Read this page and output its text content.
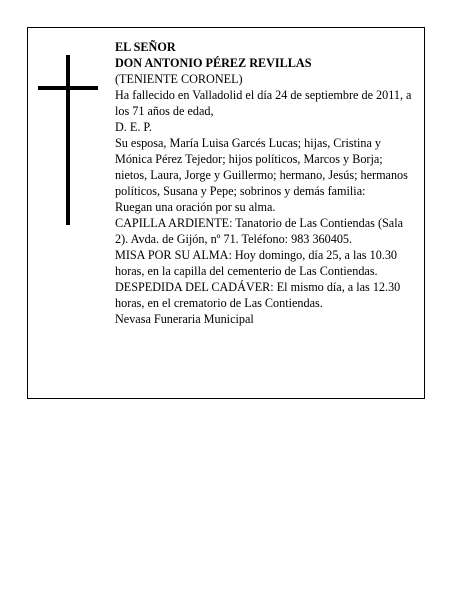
EL SEÑOR

DON ANTONIO PÉREZ REVILLAS

(TENIENTE CORONEL)

Ha fallecido en Valladolid el día 24 de septiembre de 2011, a los 71 años de edad,

D. E. P.

Su esposa, María Luisa Garcés Lucas; hijas, Cristina y Mónica Pérez Tejedor; hijos políticos, Marcos y Borja; nietos, Laura, Jorge y Guillermo; hermano, Jesús; hermanos políticos, Susana y Pepe; sobrinos y demás familia:

Ruegan una oración por su alma.

CAPILLA ARDIENTE: Tanatorio de Las Contiendas (Sala 2). Avda. de Gijón, nº 71. Teléfono: 983 360405.

MISA POR SU ALMA: Hoy domingo, día 25, a las 10.30 horas, en la capilla del cementerio de Las Contiendas.

DESPEDIDA DEL CADÁVER: El mismo día, a las 12.30 horas, en el crematorio de Las Contiendas.

Nevasa Funeraria Municipal
